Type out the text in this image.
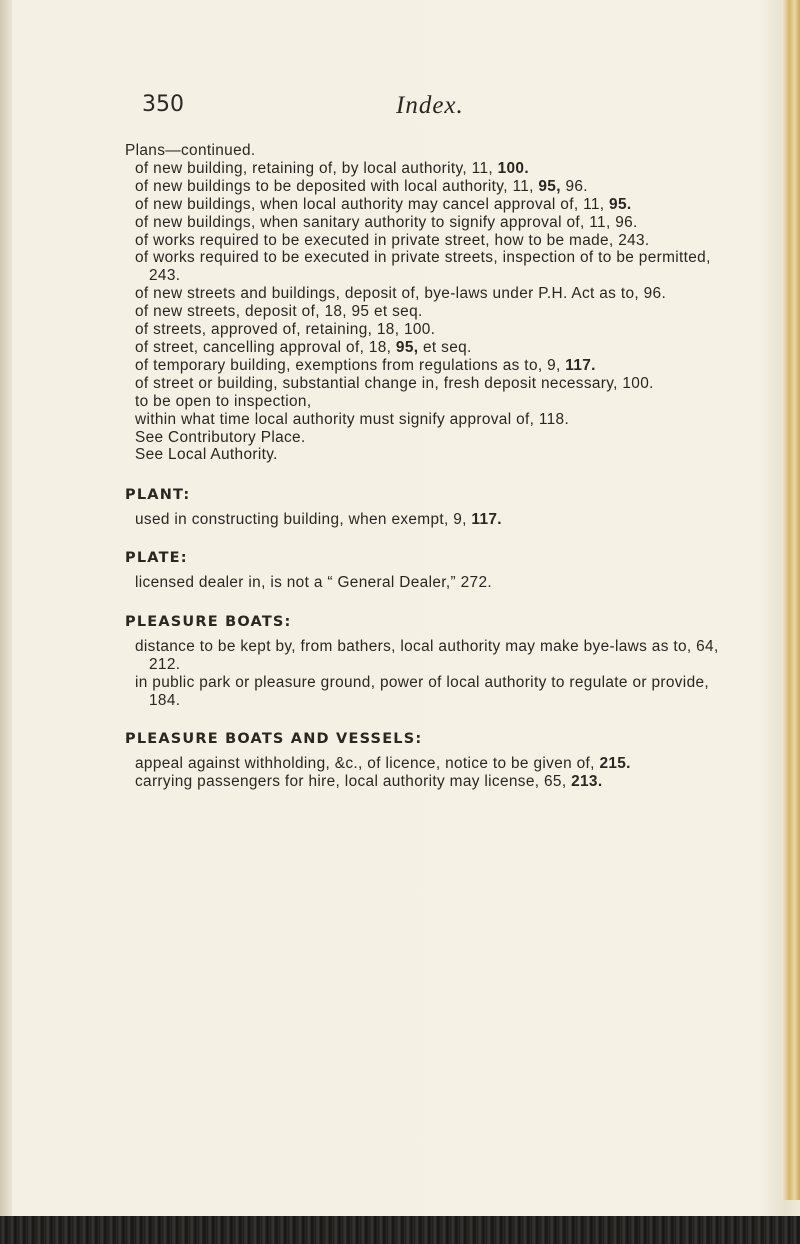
350	Index.

Plans—continued.

of new building, retaining of, by local authority, 11, 100.

of new buildings to be deposited with local authority, 11, 95, 96.

of new buildings, when local authority may cancel approval of, 11, 95.

of new buildings, when sanitary authority to signify approval of, 11, 96.

of works required to be executed in private street, how to be made, 243.

of works required to be executed in private streets, inspection of to be permitted, 243.

of new streets and buildings, deposit of, bye-laws under P.H. Act as to, 96.

of new streets, deposit of, 18, 95 et seq.

of streets, approved of, retaining, 18, 100.

of street, cancelling approval of, 18, 95, et seq.

of temporary building, exemptions from regulations as to, 9, 117.

of street or building, substantial change in, fresh deposit necessary, 100.

to be open to inspection,

within what time local authority must signify approval of, 118.

See Contributory Place.

See Local Authority.

PLANT:

used in constructing building, when exempt, 9, 117.

PLATE:

licensed dealer in, is not a “ General Dealer,” 272.

PLEASURE BOATS:

distance to be kept by, from bathers, local authority may make bye-laws as to, 64, 212.

in public park or pleasure ground, power of local authority to regulate or provide, 184.

PLEASURE BOATS AND VESSELS:

appeal against withholding, &c., of licence, notice to be given of, 215.

carrying passengers for hire, local authority may license, 65, 213.
